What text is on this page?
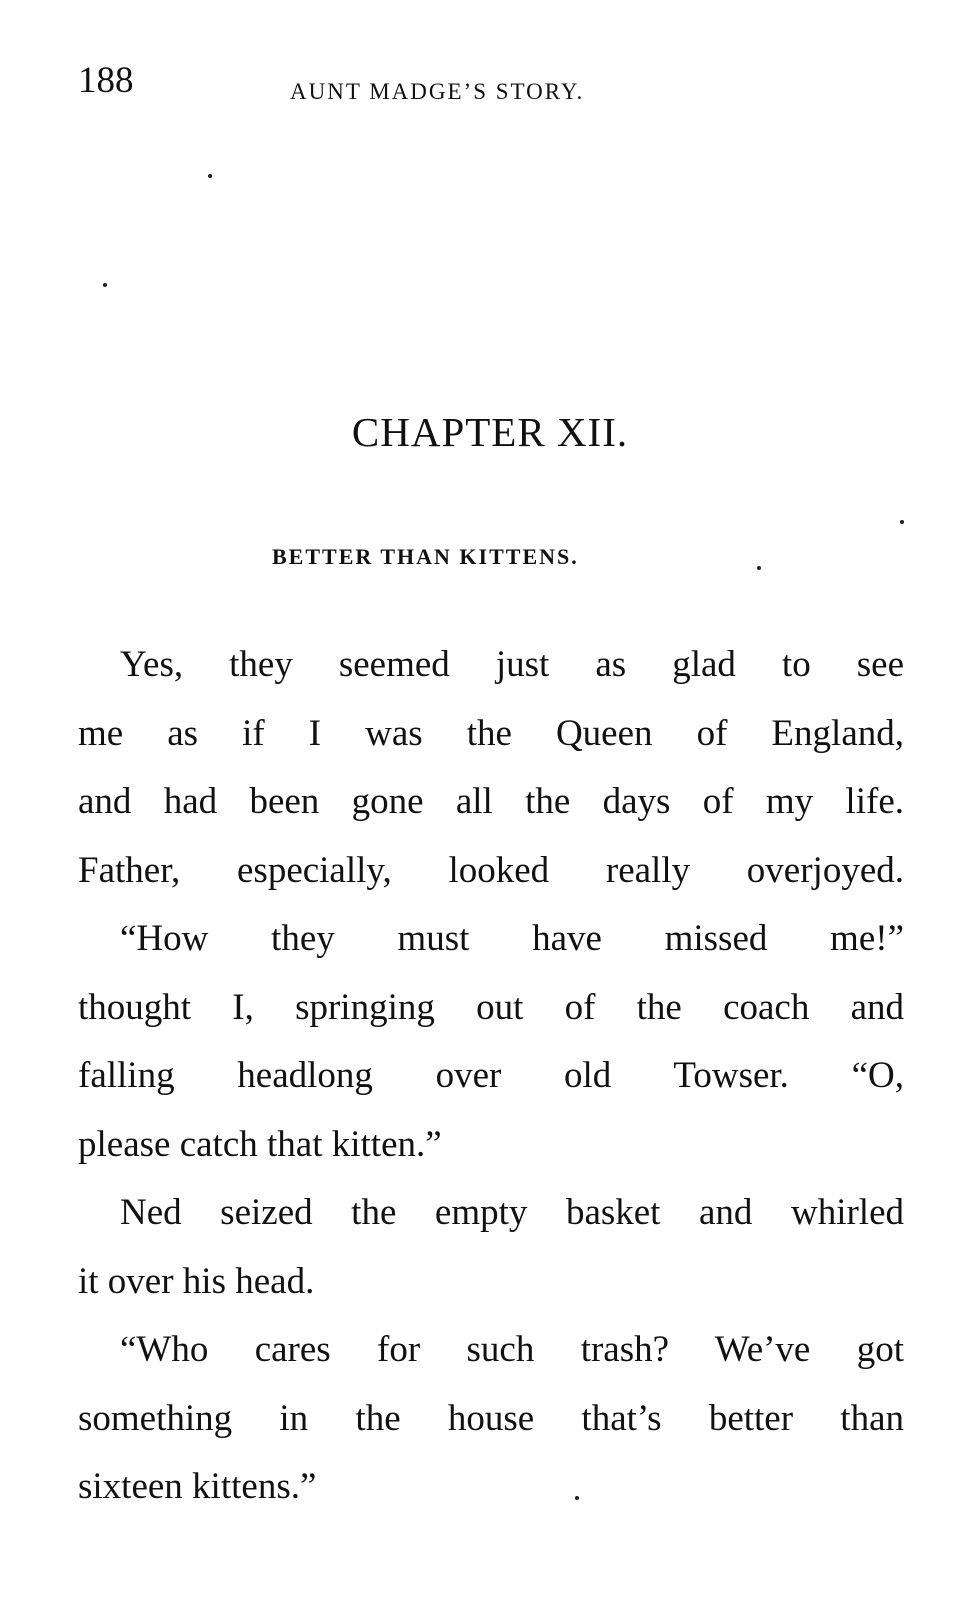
188	AUNT MADGE’S STORY.
CHAPTER XII.
BETTER THAN KITTENS.
Yes, they seemed just as glad to see
me as if I was the Queen of England,
and had been gone all the days of my life.
Father, especially, looked really overjoyed.
“How they must have missed me!”
thought I, springing out of the coach and
falling headlong over old Towser. “O,
please catch that kitten.”
Ned seized the empty basket and whirled
it over his head.
“Who cares for such trash? We’ve got
something in the house that’s better than
sixteen kittens.”
